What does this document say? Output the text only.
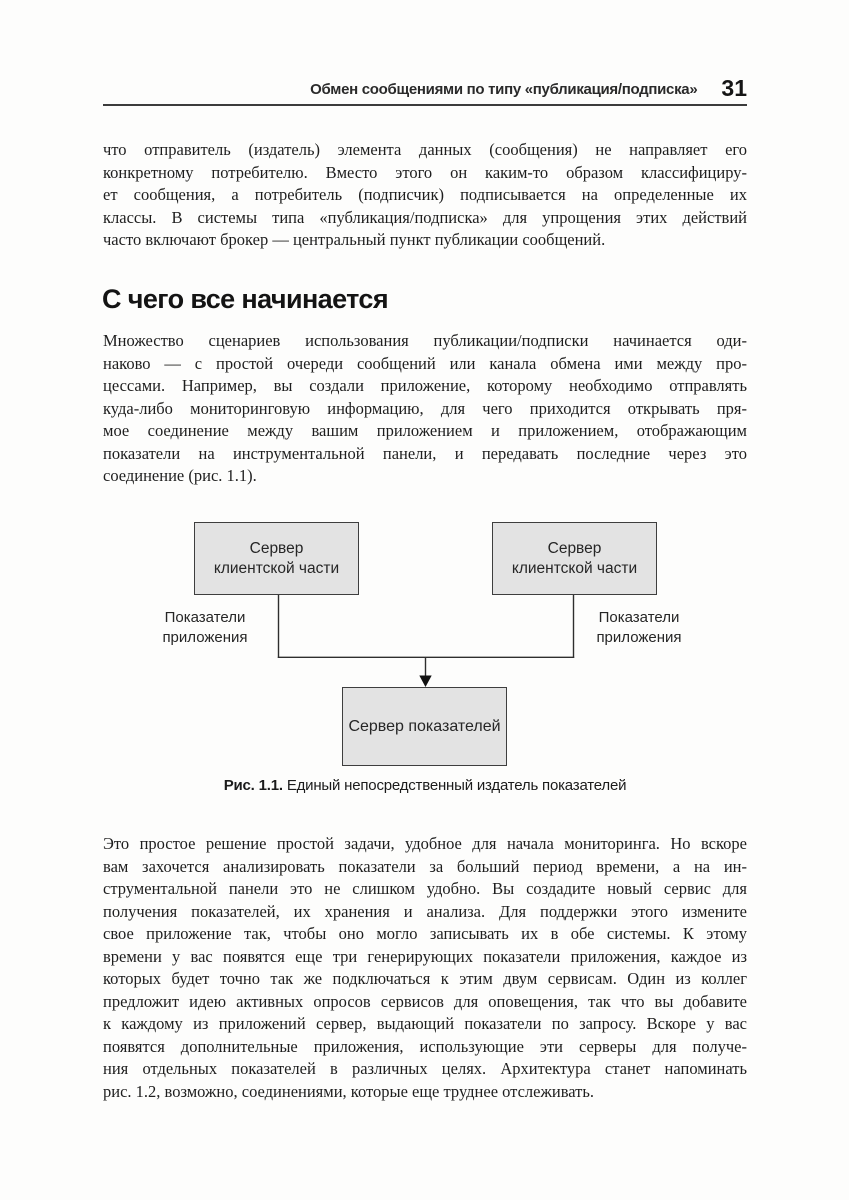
Обмен сообщениями по типу «публикация/подписка» 31
что отправитель (издатель) элемента данных (сообщения) не направляет его
конкретному потребителю. Вместо этого он каким-то образом классифициру-
ет сообщения, а потребитель (подписчик) подписывается на определенные их
классы. В системы типа «публикация/подписка» для упрощения этих действий
часто включают брокер — центральный пункт публикации сообщений.
С чего все начинается
Множество сценариев использования публикации/подписки начинается оди-
наково — с простой очереди сообщений или канала обмена ими между про-
цессами. Например, вы создали приложение, которому необходимо отправлять
куда-либо мониторинговую информацию, для чего приходится открывать пря-
мое соединение между вашим приложением и приложением, отображающим
показатели на инструментальной панели, и передавать последние через это
соединение (рис. 1.1).
Сервер
клиентской части
Сервер
клиентской части
Сервер показателей
Показатели
приложения
Показатели
приложения
Рис. 1.1. Единый непосредственный издатель показателей
Это простое решение простой задачи, удобное для начала мониторинга. Но вскоре
вам захочется анализировать показатели за больший период времени, а на ин-
струментальной панели это не слишком удобно. Вы создадите новый сервис для
получения показателей, их хранения и анализа. Для поддержки этого измените
свое приложение так, чтобы оно могло записывать их в обе системы. К этому
времени у вас появятся еще три генерирующих показатели приложения, каждое из
которых будет точно так же подключаться к этим двум сервисам. Один из коллег
предложит идею активных опросов сервисов для оповещения, так что вы добавите
к каждому из приложений сервер, выдающий показатели по запросу. Вскоре у вас
появятся дополнительные приложения, использующие эти серверы для получе-
ния отдельных показателей в различных целях. Архитектура станет напоминать
рис. 1.2, возможно, соединениями, которые еще труднее отслеживать.
